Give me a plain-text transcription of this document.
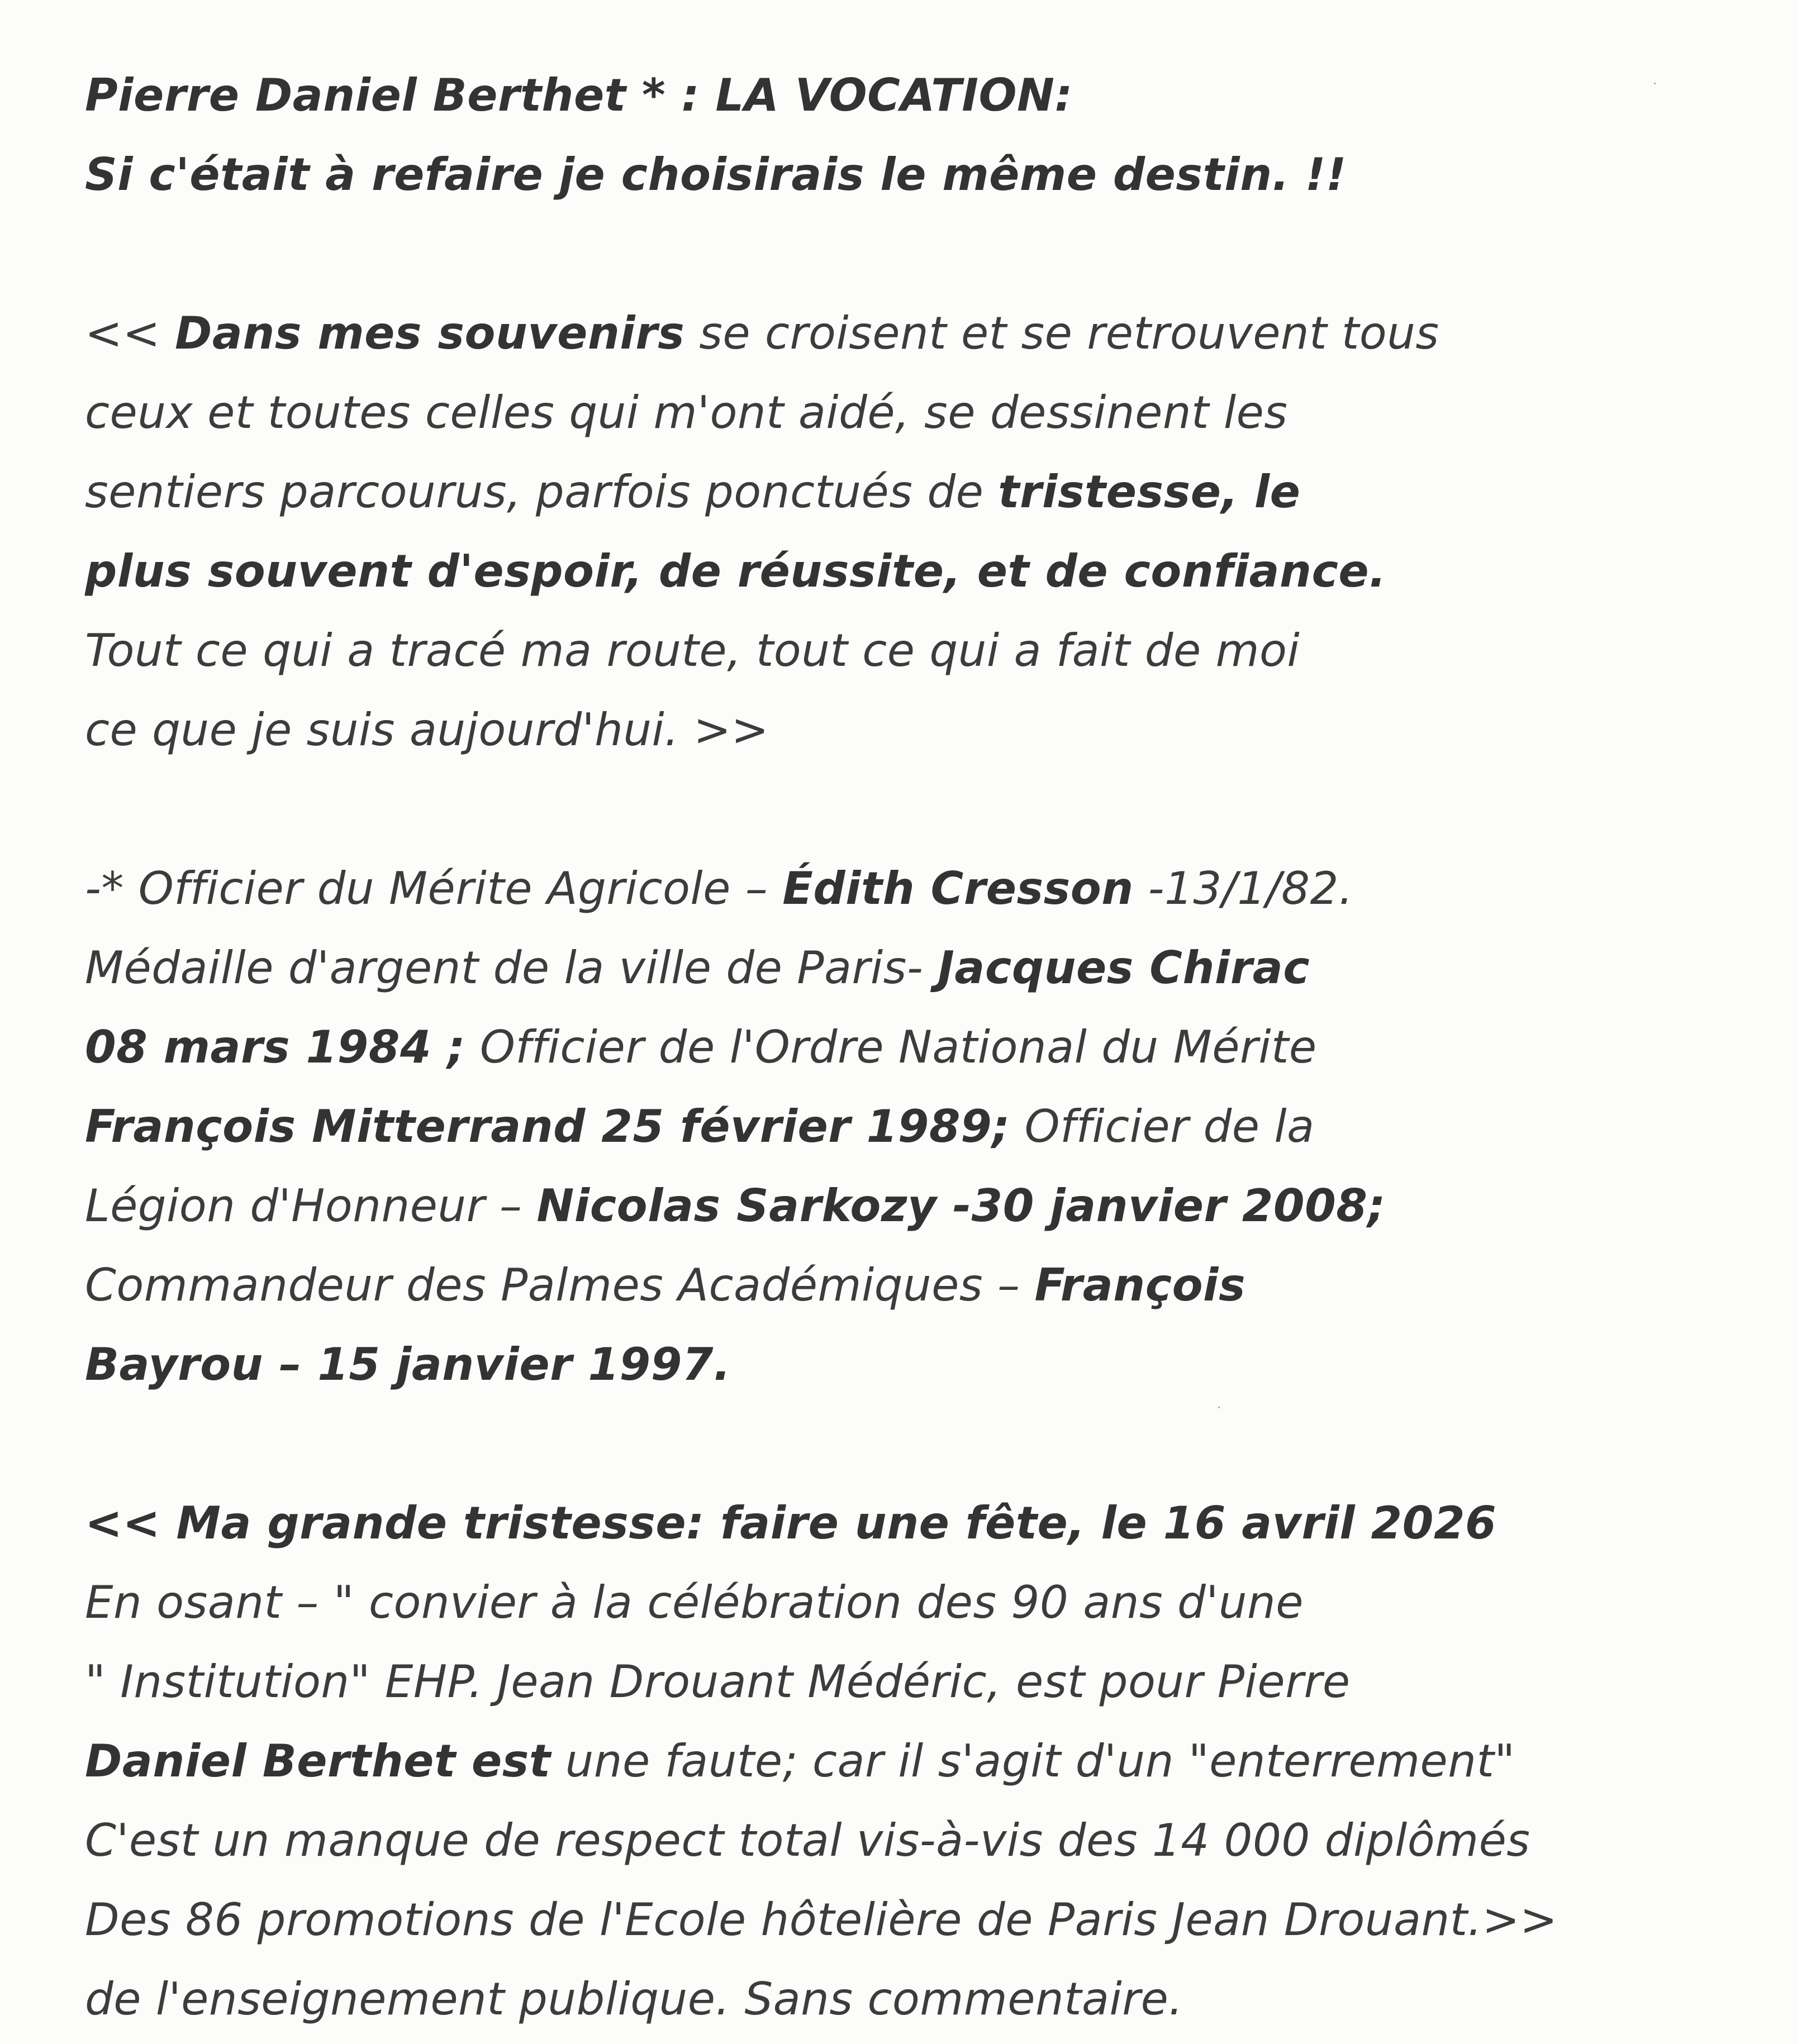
Pierre Daniel Berthet * : LA VOCATION:
Si c'était à refaire je choisirais le même destin. !!
<< Dans mes souvenirs se croisent et se retrouvent tous
ceux et toutes celles qui m'ont aidé, se dessinent les
sentiers parcourus, parfois ponctués de tristesse, le
plus souvent d'espoir, de réussite, et de confiance.
Tout ce qui a tracé ma route, tout ce qui a fait de moi
ce que je suis aujourd'hui. >>
-* Officier du Mérite Agricole – Édith Cresson -13/1/82.
Médaille d'argent de la ville de Paris- Jacques Chirac
08 mars 1984 ; Officier de l'Ordre National du Mérite
François Mitterrand 25 février 1989; Officier de la
Légion d'Honneur – Nicolas Sarkozy -30 janvier 2008;
Commandeur des Palmes Académiques – François
Bayrou – 15 janvier 1997.
<< Ma grande tristesse: faire une fête, le 16 avril 2026
En osant – " convier à la célébration des 90 ans d'une
" Institution" EHP. Jean Drouant Médéric, est pour Pierre
Daniel Berthet est une faute; car il s'agit d'un "enterrement"
C'est un manque de respect total vis-à-vis des 14 000 diplômés
Des 86 promotions de l'Ecole hôtelière de Paris Jean Drouant.>>
de l'enseignement publique. Sans commentaire.
